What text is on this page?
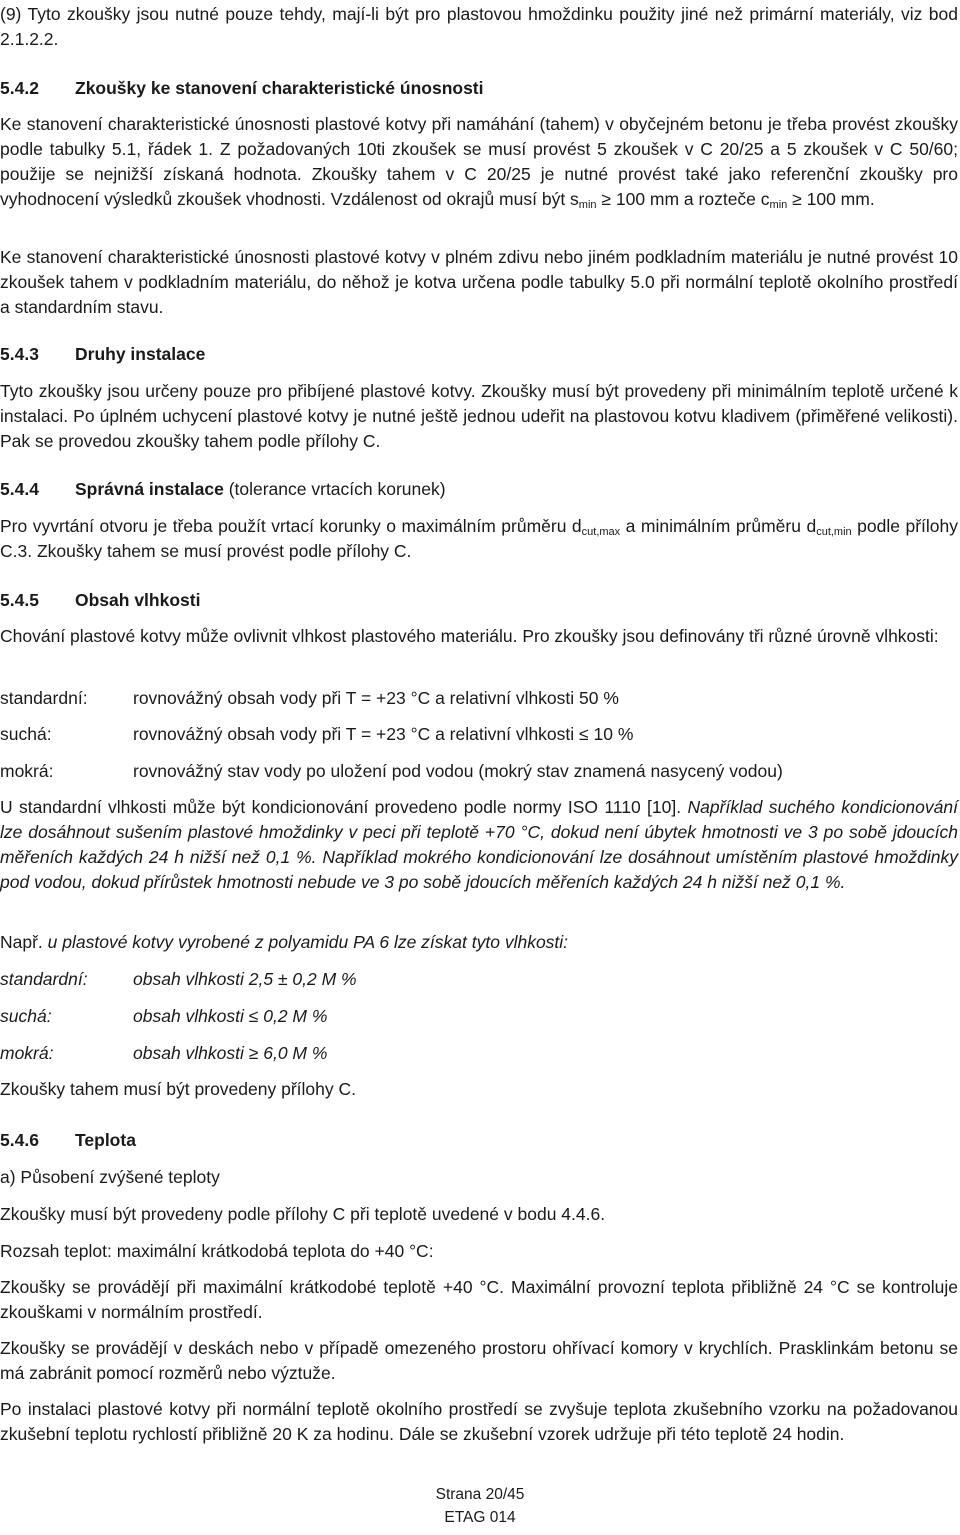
(9) Tyto zkoušky jsou nutné pouze tehdy, mají-li být pro plastovou hmoždinku použity jiné než primární materiály, viz bod 2.1.2.2.

5.4.2 Zkoušky ke stanovení charakteristické únosnosti

Ke stanovení charakteristické únosnosti plastové kotvy při namáhání (tahem) v obyčejném betonu je třeba provést zkoušky podle tabulky 5.1, řádek 1. Z požadovaných 10ti zkoušek se musí provést 5 zkoušek v C 20/25 a 5 zkoušek v C 50/60; použije se nejnižší získaná hodnota. Zkoušky tahem v C 20/25 je nutné provést také jako referenční zkoušky pro vyhodnocení výsledků zkoušek vhodnosti. Vzdálenost od okrajů musí být $s_{min} \ge 100$ mm a rozteče $c_{min} \ge 100$ mm.

Ke stanovení charakteristické únosnosti plastové kotvy v plném zdivu nebo jiném podkladním materiálu je nutné provést 10 zkoušek tahem v podkladním materiálu, do něhož je kotva určena podle tabulky 5.0 při normální teplotě okolního prostředí a standardním stavu.

5.4.3 Druhy instalace

Tyto zkoušky jsou určeny pouze pro přibíjené plastové kotvy. Zkoušky musí být provedeny při minimálním teplotě určené k instalaci. Po úplném uchycení plastové kotvy je nutné ještě jednou udeřit na plastovou kotvu kladivem (přiměřené velikosti). Pak se provedou zkoušky tahem podle přílohy C.

5.4.4 Správná instalace (tolerance vrtacích korunek)

Pro vyvrtání otvoru je třeba použít vrtací korunky o maximálním průměru $d_{cut,max}$ a minimálním průměru $d_{cut,min}$ podle přílohy C.3. Zkoušky tahem se musí provést podle přílohy C.

5.4.5 Obsah vlhkosti

Chování plastové kotvy může ovlivnit vlhkost plastového materiálu. Pro zkoušky jsou definovány tři různé úrovně vlhkosti:

standardní:	rovnovážný obsah vody při T = +23 °C a relativní vlhkosti 50 %
suchá:	rovnovážný obsah vody při T = +23 °C a relativní vlhkosti ≤ 10 %
mokrá:	rovnovážný stav vody po uložení pod vodou (mokrý stav znamená nasycený vodou)

U standardní vlhkosti může být kondicionování provedeno podle normy ISO 1110 [10]. Například suchého kondicionování lze dosáhnout sušením plastové hmoždinky v peci při teplotě +70 °C, dokud není úbytek hmotnosti ve 3 po sobě jdoucích měřeních každých 24 h nižší než 0,1 %. Například mokrého kondicionování lze dosáhnout umístěním plastové hmoždinky pod vodou, dokud přírůstek hmotnosti nebude ve 3 po sobě jdoucích měřeních každých 24 h nižší než 0,1 %.

Např. u plastové kotvy vyrobené z polyamidu PA 6 lze získat tyto vlhkosti:

standardní:	obsah vlhkosti 2,5 ± 0,2 M %
suchá:	obsah vlhkosti ≤ 0,2 M %
mokrá:	obsah vlhkosti ≥ 6,0 M %

Zkoušky tahem musí být provedeny přílohy C.

5.4.6 Teplota

a) Působení zvýšené teploty

Zkoušky musí být provedeny podle přílohy C při teplotě uvedené v bodu 4.4.6.

Rozsah teplot: maximální krátkodobá teplota do +40 °C:

Zkoušky se provádějí při maximální krátkodobé teplotě +40 °C. Maximální provozní teplota přibližně 24 °C se kontroluje zkouškami v normálním prostředí.

Zkoušky se provádějí v deskách nebo v případě omezeného prostoru ohřívací komory v krychlích. Prasklinkám betonu se má zabránit pomocí rozměrů nebo výztuže.

Po instalaci plastové kotvy při normální teplotě okolního prostředí se zvyšuje teplota zkušebního vzorku na požadovanou zkušební teplotu rychlostí přibližně 20 K za hodinu. Dále se zkušební vzorek udržuje při této teplotě 24 hodin.

Strana 20/45
ETAG 014
